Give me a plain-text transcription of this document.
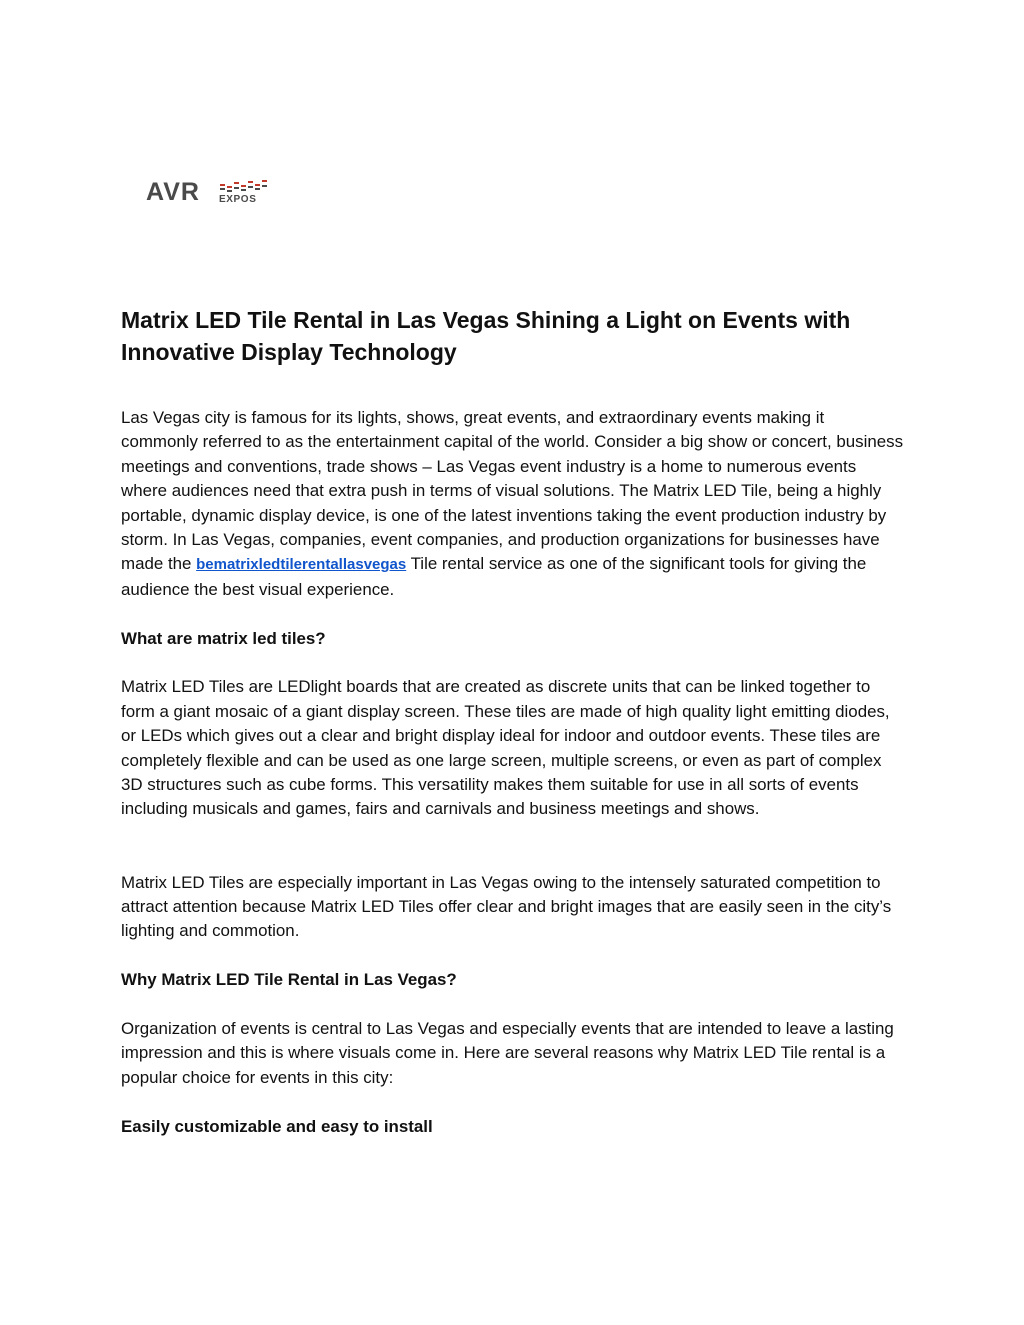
AVR EXPOS
Matrix LED Tile Rental in Las Vegas Shining a Light on Events with Innovative Display Technology

Las Vegas city is famous for its lights, shows, great events, and extraordinary events making it commonly referred to as the entertainment capital of the world. Consider a big show or concert, business meetings and conventions, trade shows – Las Vegas event industry is a home to numerous events where audiences need that extra push in terms of visual solutions. The Matrix LED Tile, being a highly portable, dynamic display device, is one of the latest inventions taking the event production industry by storm. In Las Vegas, companies, event companies, and production organizations for businesses have made the bematrixledtilerentallasvegas Tile rental service as one of the significant tools for giving the audience the best visual experience.

What are matrix led tiles?

Matrix LED Tiles are LEDlight boards that are created as discrete units that can be linked together to form a giant mosaic of a giant display screen. These tiles are made of high quality light emitting diodes, or LEDs which gives out a clear and bright display ideal for indoor and outdoor events. These tiles are completely flexible and can be used as one large screen, multiple screens, or even as part of complex 3D structures such as cube forms. This versatility makes them suitable for use in all sorts of events including musicals and games, fairs and carnivals and business meetings and shows.

Matrix LED Tiles are especially important in Las Vegas owing to the intensely saturated competition to attract attention because Matrix LED Tiles offer clear and bright images that are easily seen in the city’s lighting and commotion.

Why Matrix LED Tile Rental in Las Vegas?

Organization of events is central to Las Vegas and especially events that are intended to leave a lasting impression and this is where visuals come in. Here are several reasons why Matrix LED Tile rental is a popular choice for events in this city:

Easily customizable and easy to install
